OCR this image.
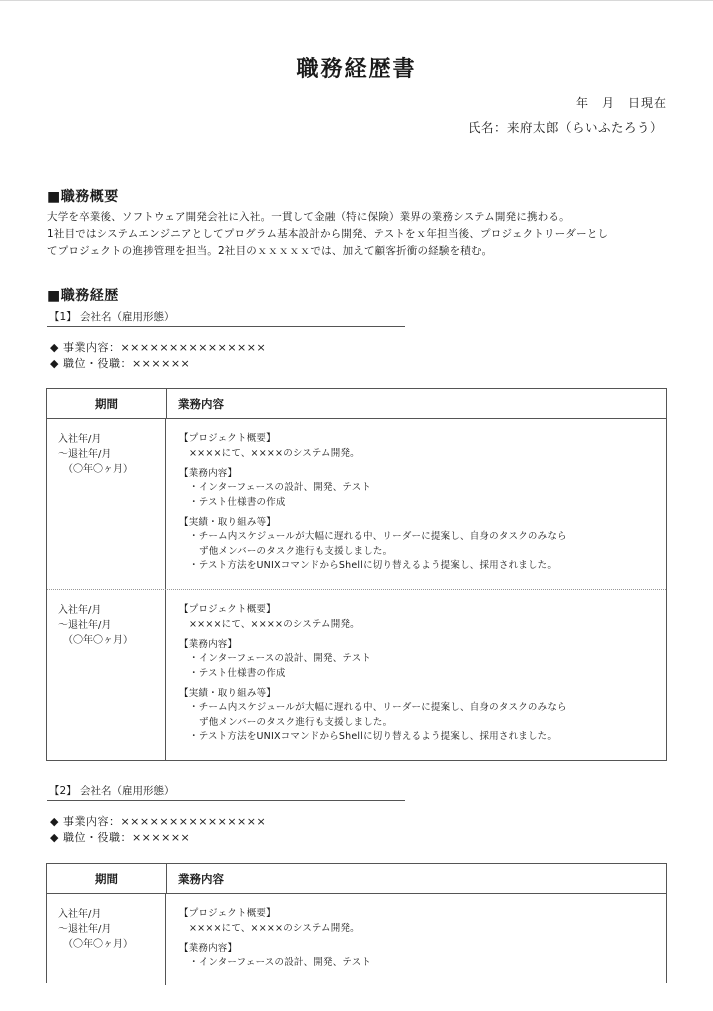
職務経歴書
年　月　日現在
氏名：来府太郎（らいふたろう）
■職務概要

大学を卒業後、ソフトウェア開発会社に入社。一貫して金融（特に保険）業界の業務システム開発に携わる。

1社目ではシステムエンジニアとしてプログラム基本設計から開発、テストをｘ年担当後、プロジェクトリーダーとし

てプロジェクトの進捗管理を担当。2社目のｘｘｘｘｘでは、加えて顧客折衝の経験を積む。

■職務経歴
【1】 会社名（雇用形態）
◆ 事業内容：×××××××××××××××
◆ 職位・役職：××××××
期間	業務内容
入社年/月
～退社年/月
（〇年〇ヶ月）
【プロジェクト概要】
××××にて、××××のシステム開発。
【業務内容】
・インターフェースの設計、開発、テスト
・テスト仕様書の作成
【実績・取り組み等】
・チーム内スケジュールが大幅に遅れる中、リーダーに提案し、自身のタスクのみなら
ず他メンバーのタスク進行も支援しました。
・テスト方法をUNIXコマンドからShellに切り替えるよう提案し、採用されました。
入社年/月
～退社年/月
（〇年〇ヶ月）
【プロジェクト概要】
××××にて、××××のシステム開発。
【業務内容】
・インターフェースの設計、開発、テスト
・テスト仕様書の作成
【実績・取り組み等】
・チーム内スケジュールが大幅に遅れる中、リーダーに提案し、自身のタスクのみなら
ず他メンバーのタスク進行も支援しました。
・テスト方法をUNIXコマンドからShellに切り替えるよう提案し、採用されました。
【2】 会社名（雇用形態）
◆ 事業内容：×××××××××××××××
◆ 職位・役職：××××××
期間	業務内容
入社年/月
～退社年/月
（〇年〇ヶ月）
【プロジェクト概要】
××××にて、××××のシステム開発。
【業務内容】
・インターフェースの設計、開発、テスト
